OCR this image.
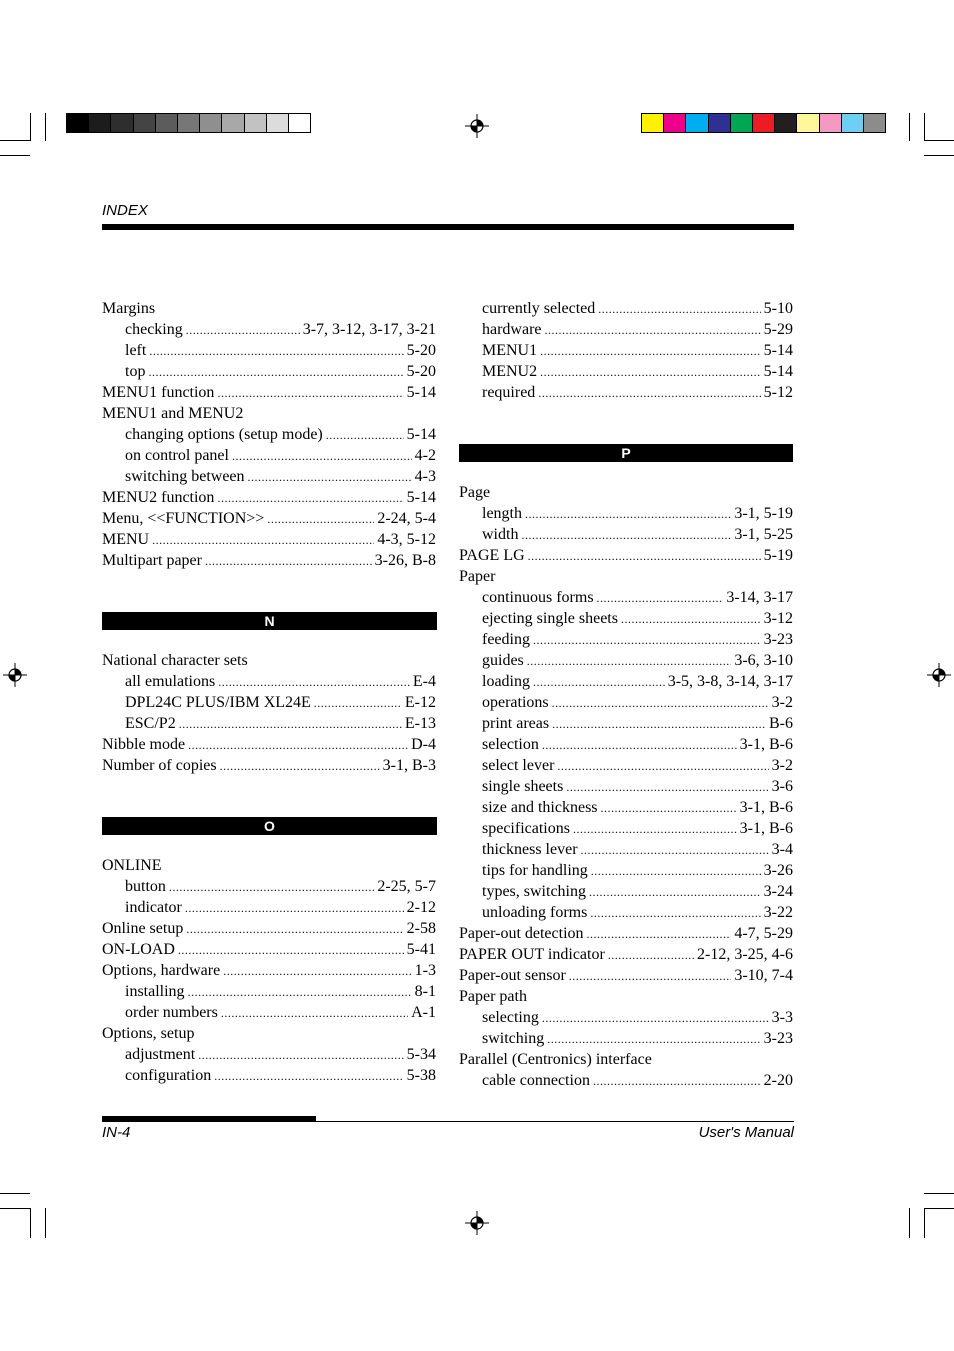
INDEX
Margins
checking .....	3-7, 3-12, 3-17, 3-21
left .....	5-20
top .....	5-20
MENU1 function .....	5-14
MENU1 and MENU2
changing options (setup mode) .....	5-14
on control panel .....	4-2
switching between .....	4-3
MENU2 function .....	5-14
Menu, <<FUNCTION>> .....	2-24, 5-4
MENU .....	4-3, 5-12
Multipart paper .....	3-26, B-8
N
National character sets
all emulations .....	E-4
DPL24C PLUS/IBM XL24E .....	E-12
ESC/P2 .....	E-13
Nibble mode .....	D-4
Number of copies .....	3-1, B-3
O
ONLINE
button .....	2-25, 5-7
indicator .....	2-12
Online setup .....	2-58
ON-LOAD .....	5-41
Options, hardware .....	1-3
installing .....	8-1
order numbers .....	A-1
Options, setup
adjustment .....	5-34
configuration .....	5-38
currently selected .....	5-10
hardware .....	5-29
MENU1 .....	5-14
MENU2 .....	5-14
required .....	5-12
P
Page
length .....	3-1, 5-19
width .....	3-1, 5-25
PAGE LG .....	5-19
Paper
continuous forms .....	3-14, 3-17
ejecting single sheets .....	3-12
feeding .....	3-23
guides .....	3-6, 3-10
loading .....	3-5, 3-8, 3-14, 3-17
operations .....	3-2
print areas .....	B-6
selection .....	3-1, B-6
select lever .....	3-2
single sheets .....	3-6
size and thickness .....	3-1, B-6
specifications .....	3-1, B-6
thickness lever .....	3-4
tips for handling .....	3-26
types, switching .....	3-24
unloading forms .....	3-22
Paper-out detection .....	4-7, 5-29
PAPER OUT indicator .....	2-12, 3-25, 4-6
Paper-out sensor .....	3-10, 7-4
Paper path
selecting .....	3-3
switching .....	3-23
Parallel (Centronics) interface
cable connection .....	2-20
IN-4	User's Manual
